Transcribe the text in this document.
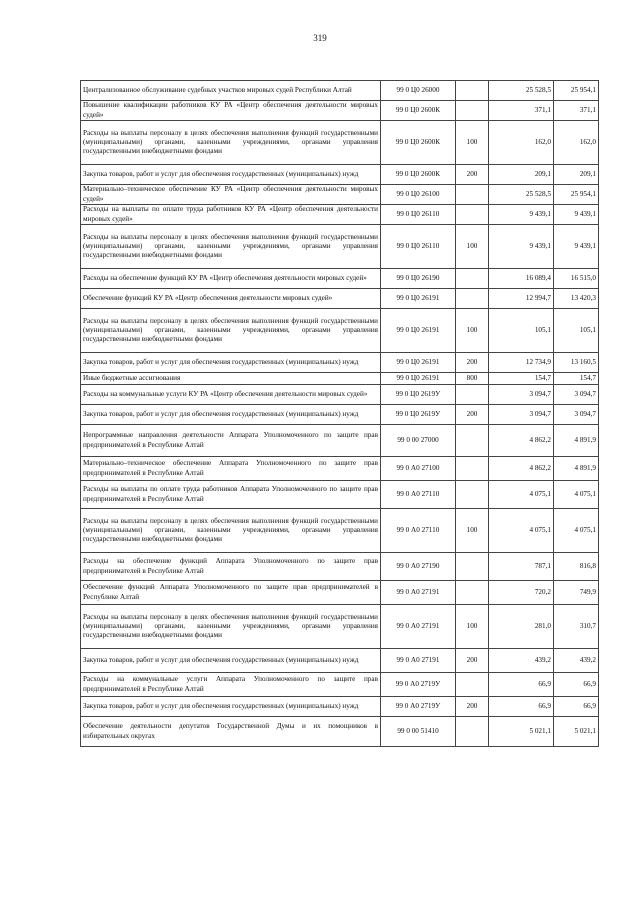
319
Централизованное обслуживание судебных участков мировых судей Республики Алтай	99 0 Ц0 26000		25 528,5	25 954,1
Повышение квалификации работников КУ РА «Центр обеспечения деятельности мировых судей»	99 0 Ц0 2600К		371,1	371,1
Расходы на выплаты персоналу в целях обеспечения выполнения функций государственными (муниципальными) органами, казенными учреждениями, органами управления государственными внебюджетными фондами	99 0 Ц0 2600К	100	162,0	162,0
Закупка товаров, работ и услуг для обеспечения государственных (муниципальных) нужд	99 0 Ц0 2600К	200	209,1	209,1
Материально–техническое обеспечение КУ РА «Центр обеспечения деятельности мировых судей»	99 0 Ц0 26100		25 528,5	25 954,1
Расходы на выплаты по оплате труда работников КУ РА «Центр обеспечения деятельности мировых судей»	99 0 Ц0 26110		9 439,1	9 439,1
Расходы на выплаты персоналу в целях обеспечения выполнения функций государственными (муниципальными) органами, казенными учреждениями, органами управления государственными внебюджетными фондами	99 0 Ц0 26110	100	9 439,1	9 439,1
Расходы на обеспечение функций КУ РА «Центр обеспечения деятельности мировых судей»	99 0 Ц0 26190		16 089,4	16 515,0
Обеспечение функций КУ РА «Центр обеспечения деятельности мировых судей»	99 0 Ц0 26191		12 994,7	13 420,3
Расходы на выплаты персоналу в целях обеспечения выполнения функций государственными (муниципальными) органами, казенными учреждениями, органами управления государственными внебюджетными фондами	99 0 Ц0 26191	100	105,1	105,1
Закупка товаров, работ и услуг для обеспечения государственных (муниципальных) нужд	99 0 Ц0 26191	200	12 734,9	13 160,5
Иные бюджетные ассигнования	99 0 Ц0 26191	800	154,7	154,7
Расходы на коммунальные услуги КУ РА «Центр обеспечения деятельности мировых судей»	99 0 Ц0 2619У		3 094,7	3 094,7
Закупка товаров, работ и услуг для обеспечения государственных (муниципальных) нужд	99 0 Ц0 2619У	200	3 094,7	3 094,7
Непрограммные направления деятельности Аппарата Уполномоченного по защите прав предпринимателей в Республике Алтай	99 0 00 27000		4 862,2	4 891,9
Материально–техническое обеспечение Аппарата Уполномоченного по защите прав предпринимателей в Республике Алтай	99 0 А0 27100		4 862,2	4 891,9
Расходы на выплаты по оплате труда работников Аппарата Уполномоченного по защите прав предпринимателей в Республике Алтай	99 0 А0 27110		4 075,1	4 075,1
Расходы на выплаты персоналу в целях обеспечения выполнения функций государственными (муниципальными) органами, казенными учреждениями, органами управления государственными внебюджетными фондами	99 0 А0 27110	100	4 075,1	4 075,1
Расходы на обеспечение функций Аппарата Уполномоченного по защите прав предпринимателей в Республике Алтай	99 0 А0 27190		787,1	816,8
Обеспечение функций Аппарата Уполномоченного по защите прав предпринимателей в Республике Алтай	99 0 А0 27191		720,2	749,9
Расходы на выплаты персоналу в целях обеспечения выполнения функций государственными (муниципальными) органами, казенными учреждениями, органами управления государственными внебюджетными фондами	99 0 А0 27191	100	281,0	310,7
Закупка товаров, работ и услуг для обеспечения государственных (муниципальных) нужд	99 0 А0 27191	200	439,2	439,2
Расходы на коммунальные услуги Аппарата Уполномоченного по защите прав предпринимателей в Республике Алтай	99 0 А0 2719У		66,9	66,9
Закупка товаров, работ и услуг для обеспечения государственных (муниципальных) нужд	99 0 А0 2719У	200	66,9	66,9
Обеспечение деятельности депутатов Государственной Думы и их помощников в избирательных округах	99 0 00 51410		5 021,1	5 021,1
